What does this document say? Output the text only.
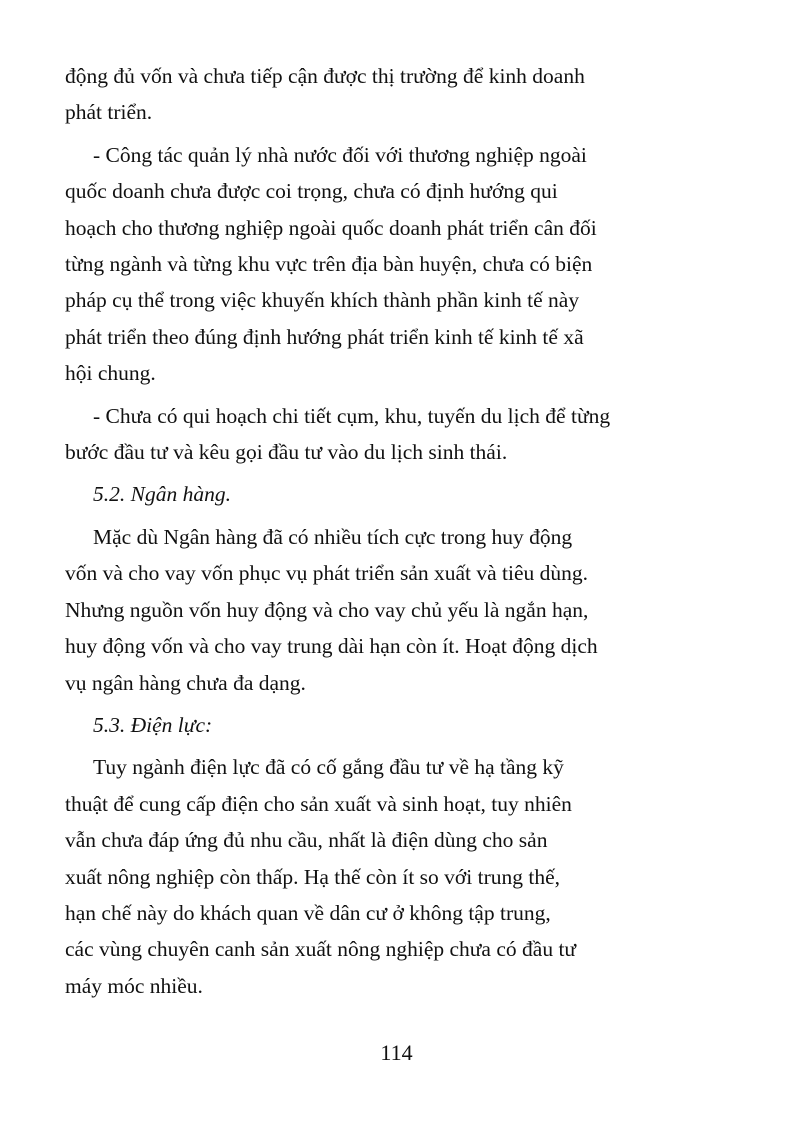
động đủ vốn và chưa tiếp cận được thị trường để kinh doanh
phát triển.
- Công tác quản lý nhà nước đối với thương nghiệp ngoài
quốc doanh chưa được coi trọng, chưa có định hướng qui
hoạch cho thương nghiệp ngoài quốc doanh phát triển cân đối
từng ngành và từng khu vực trên địa bàn huyện, chưa có biện
pháp cụ thể trong việc khuyến khích thành phần kinh tế này
phát triển theo đúng định hướng phát triển kinh tế kinh tế xã
hội chung.
- Chưa có qui hoạch chi tiết cụm, khu, tuyến du lịch để từng
bước đầu tư và kêu gọi đầu tư vào du lịch sinh thái.
5.2. Ngân hàng.
Mặc dù Ngân hàng đã có nhiều tích cực trong huy động
vốn và cho vay vốn phục vụ phát triển sản xuất và tiêu dùng.
Nhưng nguồn vốn huy động và cho vay chủ yếu là ngắn hạn,
huy động vốn và cho vay trung dài hạn còn ít. Hoạt động dịch
vụ ngân hàng chưa đa dạng.
5.3. Điện lực:
Tuy ngành điện lực đã có cố gắng đầu tư về hạ tầng kỹ
thuật để cung cấp điện cho sản xuất và sinh hoạt, tuy nhiên
vẫn chưa đáp ứng đủ nhu cầu, nhất là điện dùng cho sản
xuất nông nghiệp còn thấp. Hạ thế còn ít so với trung thế,
hạn chế này do khách quan về dân cư ở không tập trung,
các vùng chuyên canh sản xuất nông nghiệp chưa có đầu tư
máy móc nhiều.
114
